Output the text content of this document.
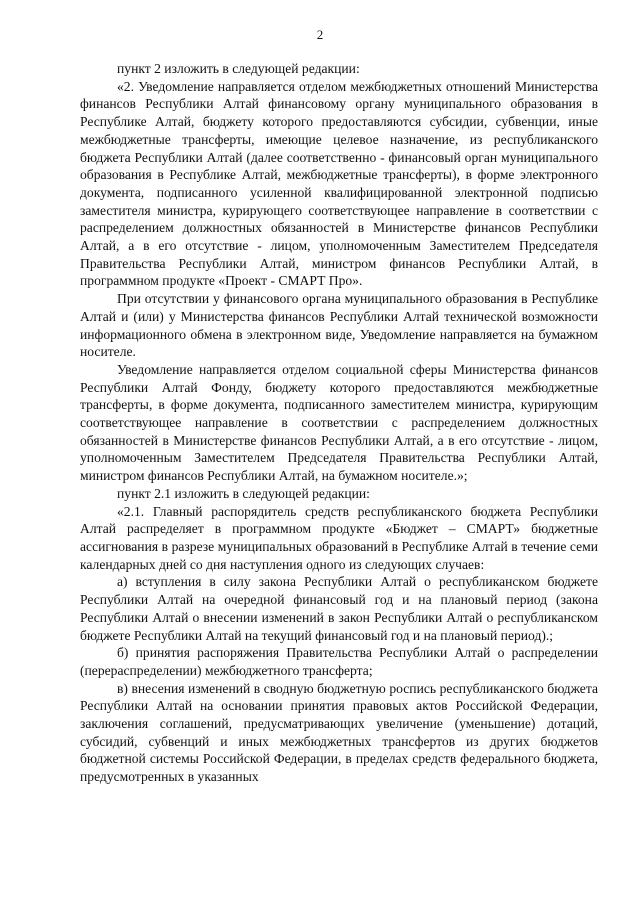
2

пункт 2 изложить в следующей редакции:

«2. Уведомление направляется отделом межбюджетных отношений Министерства финансов Республики Алтай финансовому органу муниципального образования в Республике Алтай, бюджету которого предоставляются субсидии, субвенции, иные межбюджетные трансферты, имеющие целевое назначение, из республиканского бюджета Республики Алтай (далее соответственно - финансовый орган муниципального образования в Республике Алтай, межбюджетные трансферты), в форме электронного документа, подписанного усиленной квалифицированной электронной подписью заместителя министра, курирующего соответствующее направление в соответствии с распределением должностных обязанностей в Министерстве финансов Республики Алтай, а в его отсутствие - лицом, уполномоченным Заместителем Председателя Правительства Республики Алтай, министром финансов Республики Алтай, в программном продукте «Проект - СМАРТ Про».

При отсутствии у финансового органа муниципального образования в Республике Алтай и (или) у Министерства финансов Республики Алтай технической возможности информационного обмена в электронном виде, Уведомление направляется на бумажном носителе.

Уведомление направляется отделом социальной сферы Министерства финансов Республики Алтай Фонду, бюджету которого предоставляются межбюджетные трансферты, в форме документа, подписанного заместителем министра, курирующим соответствующее направление в соответствии с распределением должностных обязанностей в Министерстве финансов Республики Алтай, а в его отсутствие - лицом, уполномоченным Заместителем Председателя Правительства Республики Алтай, министром финансов Республики Алтай, на бумажном носителе.»;

пункт 2.1 изложить в следующей редакции:

«2.1. Главный распорядитель средств республиканского бюджета Республики Алтай распределяет в программном продукте «Бюджет – СМАРТ» бюджетные ассигнования в разрезе муниципальных образований в Республике Алтай в течение семи календарных дней со дня наступления одного из следующих случаев:

а) вступления в силу закона Республики Алтай о республиканском бюджете Республики Алтай на очередной финансовый год и на плановый период (закона Республики Алтай о внесении изменений в закон Республики Алтай о республиканском бюджете Республики Алтай на текущий финансовый год и на плановый период).;

б) принятия распоряжения Правительства Республики Алтай о распределении (перераспределении) межбюджетного трансферта;

в) внесения изменений в сводную бюджетную роспись республиканского бюджета Республики Алтай на основании принятия правовых актов Российской Федерации, заключения соглашений, предусматривающих увеличение (уменьшение) дотаций, субсидий, субвенций и иных межбюджетных трансфертов из других бюджетов бюджетной системы Российской Федерации, в пределах средств федерального бюджета, предусмотренных в указанных
